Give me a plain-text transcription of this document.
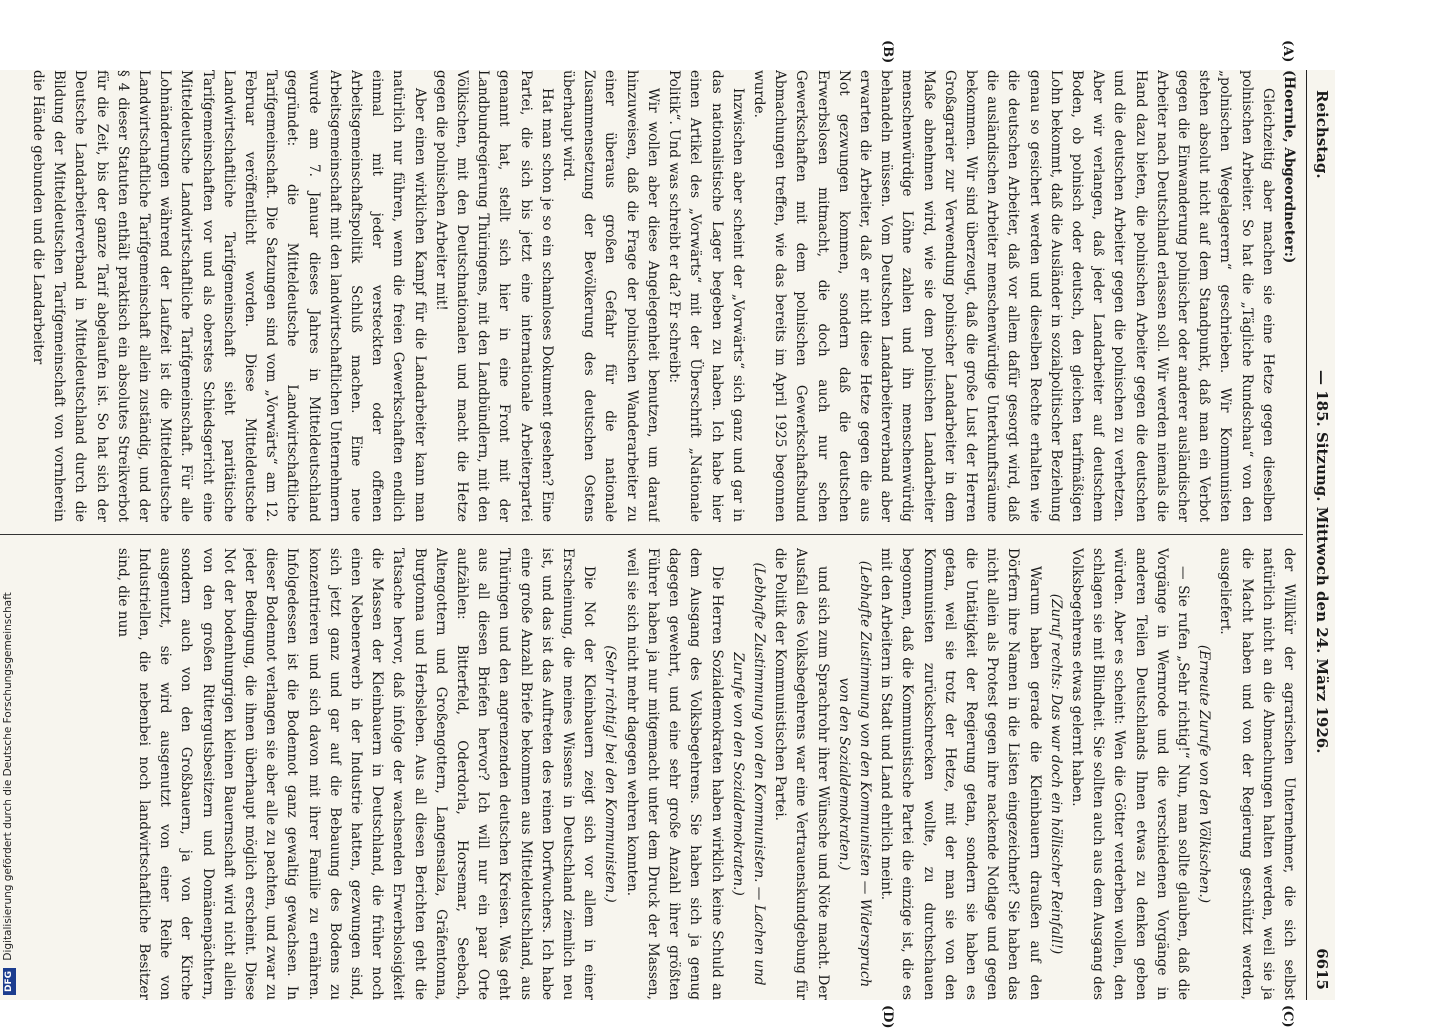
Reichstag.
— 185. Sitzung. Mittwoch den 24. März 1926.
6615
(A)
(B)
(C)
(D)

(Hoernle, Abgeordneter:)

Gleichzeitig aber machen sie eine Hetze gegen dieselben polnischen Arbeiter. So hat die „Tägliche Rundschau“ von den „polnischen Wegelagerern“ geschrieben. Wir Kommunisten stehen absolut nicht auf dem Standpunkt, daß man ein Verbot gegen die Einwanderung polnischer oder anderer ausländischer Arbeiter nach Deutschland erlassen soll. Wir werden niemals die Hand dazu bieten, die polnischen Arbeiter gegen die deutschen und die deutschen Arbeiter gegen die polnischen zu verhetzen. Aber wir verlangen, daß jeder Landarbeiter auf deutschem Boden, ob polnisch oder deutsch, den gleichen tarifmäßigen Lohn bekommt, daß die Ausländer in sozialpolitischer Beziehung genau so gesichert werden und dieselben Rechte erhalten wie die deutschen Arbeiter, daß vor allem dafür gesorgt wird, daß die ausländischen Arbeiter menschenwürdige Unterkunftsräume bekommen. Wir sind überzeugt, daß die große Lust der Herren Großagrarier zur Verwendung polnischer Landarbeiter in dem Maße abnehmen wird, wie sie dem polnischen Landarbeiter menschenwürdige Löhne zahlen und ihn menschenwürdig behandeln müssen. Vom Deutschen Landarbeiterverband aber erwarten die Arbeiter, daß er nicht diese Hetze gegen die aus Not gezwungen kommen, sondern daß die deutschen Erwerbslosen mitmacht, die doch auch nur schen Gewerkschaften mit dem polnischen Gewerkschaftsbund Abmachungen treffen, wie das bereits im April 1925 begonnen wurde.

Inzwischen aber scheint der „Vorwärts“ sich ganz und gar in das nationalistische Lager begeben zu haben. Ich habe hier einen Artikel des „Vorwärts“ mit der Überschrift „Nationale Politik“. Und was schreibt er da? Er schreibt:

Wir wollen aber diese Angelegenheit benutzen, um darauf hinzuweisen, daß die Frage der polnischen Wanderarbeiter zu einer überaus großen Gefahr für die nationale Zusammensetzung der Bevölkerung des deutschen Ostens überhaupt wird.

Hat man schon je so ein schamloses Dokument gesehen? Eine Partei, die sich bis jetzt eine internationale Arbeiterpartei genannt hat, stellt sich hier in eine Front mit der Landbundregierung Thüringens, mit den Landbündlern, mit den Völkischen, mit den Deutschnationalen und macht die Hetze gegen die polnischen Arbeiter mit!

Aber einen wirklichen Kampf für die Landarbeiter kann man natürlich nur führen, wenn die freien Gewerkschaften endlich einmal mit jeder versteckten oder offenen Arbeitsgemeinschaftspolitik Schluß machen. Eine neue Arbeitsgemeinschaft mit den landwirtschaftlichen Unternehmern wurde am 7. Januar dieses Jahres in Mitteldeutschland gegründet: die Mitteldeutsche Landwirtschaftliche Tarifgemeinschaft. Die Satzungen sind vom „Vorwärts“ am 12. Februar veröffentlicht worden. Diese Mitteldeutsche Landwirtschaftliche Tarifgemeinschaft sieht paritätische Tarifgemeinschaften vor und als oberstes Schiedsgericht eine Mitteldeutsche Landwirtschaftliche Tarifgemeinschaft. Für alle Lohnänderungen während der Laufzeit ist die Mitteldeutsche Landwirtschaftliche Tarifgemeinschaft allein zuständig, und der § 4 dieser Statuten enthält praktisch ein absolutes Streikverbot für die Zeit, bis der ganze Tarif abgelaufen ist. So hat sich der Deutsche Landarbeiterverband in Mitteldeutschland durch die Bildung der Mitteldeutschen Tarifgemeinschaft von vornherein die Hände gebunden und die Landarbeiter

der Willkür der agrarischen Unternehmer, die sich selbst natürlich nicht an die Abmachungen halten werden, weil sie ja die Macht haben und von der Regierung geschützt werden, ausgeliefert.

(Erneute Zurufe von den Völkischen.)

— Sie rufen „Sehr richtig!“ Nun, man sollte glauben, daß die Vorgänge in Wernrode und die verschiedenen Vorgänge in anderen Teilen Deutschlands Ihnen etwas zu denken geben würden. Aber es scheint: Wen die Götter verderben wollen, den schlagen sie mit Blindheit. Sie sollten auch aus dem Ausgang des Volksbegehrens etwas gelernt haben.

(Zuruf rechts: Das war doch ein höllischer Reinfall!)

Warum haben gerade die Kleinbauern draußen auf den Dörfern ihre Namen in die Listen eingezeichnet? Sie haben das nicht allein als Protest gegen ihre nackende Notlage und gegen die Untätigkeit der Regierung getan, sondern sie haben es getan, weil sie trotz der Hetze, mit der man sie von den Kommunisten zurückschrecken wollte, zu durchschauen begonnen, daß die Kommunistische Partei die einzige ist, die es mit den Arbeitern in Stadt und Land ehrlich meint.

(Lebhafte Zustimmung von den Kommunisten — Widerspruch von den Sozialdemokraten.)

und sich zum Sprachrohr ihrer Wünsche und Nöte macht. Der Ausfall des Volksbegehrens war eine Vertrauenskundgebung für die Politik der Kommunistischen Partei.

(Lebhafte Zustimmung von den Kommunisten. — Lachen und Zurufe von den Sozialdemokraten.)

Die Herren Sozialdemokraten haben wirklich keine Schuld an dem Ausgang des Volksbegehrens. Sie haben sich ja genug dagegen gewehrt, und eine sehr große Anzahl ihrer größten Führer haben ja nur mitgemacht unter dem Druck der Massen, weil sie sich nicht mehr dagegen wehren konnten.

(Sehr richtig! bei den Kommunisten.)

Die Not der Kleinbauern zeigt sich vor allem in einer Erscheinung, die meines Wissens in Deutschland ziemlich neu ist, und das ist das Auftreten des reinen Dorfwuchers. Ich habe eine große Anzahl Briefe bekommen aus Mitteldeutschland, aus Thüringen und den angrenzenden deutschen Kreisen. Was geht aus all diesen Briefen hervor? Ich will nur ein paar Orte aufzählen: Bitterfeld, Oderdorla, Horsemar, Seebach, Altengottern und Großengottern, Langensalza, Gräfentonna, Burgtonna und Herbsleben. Aus all diesen Berichten geht die Tatsache hervor, daß infolge der wachsenden Erwerbslosigkeit die Massen der Kleinbauern in Deutschland, die früher noch einen Nebenerwerb in der Industrie hatten, gezwungen sind, sich jetzt ganz und gar auf die Bebauung des Bodens zu konzentrieren und sich davon mit ihrer Familie zu ernähren. Infolgedessen ist die Bodennot ganz gewaltig gewachsen. In dieser Bodennot verlangen sie aber alle zu pachten, und zwar zu jeder Bedingung, die ihnen überhaupt möglich erscheint. Diese Not der bodenhungrigen kleinen Bauernschaft wird nicht allein von den großen Rittergutsbesitzern und Domänenpächtern, sondern auch von den Großbauern, ja von der Kirche ausgenutzt, sie wird ausgenutzt von einer Reihe von Industriellen, die nebenbei noch landwirtschaftliche Besitzer sind, die nun

DFG Digitalisierung gefördert durch die Deutsche Forschungsgemeinschaft
